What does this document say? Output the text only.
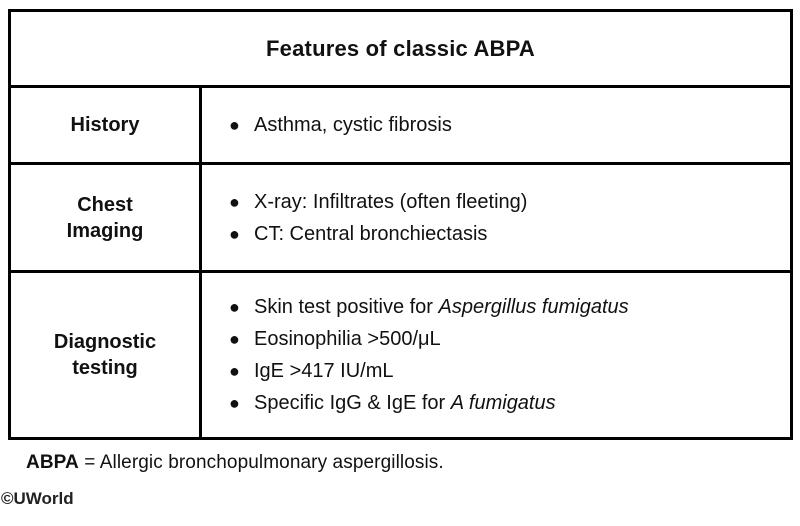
Features of classic ABPA
History	● Asthma, cystic fibrosis
Chest
Imaging
● X-ray: Infiltrates (often fleeting)
● CT: Central bronchiectasis
Diagnostic
testing
● Skin test positive for Aspergillus fumigatus
● Eosinophilia >500/μL
● IgE >417 IU/mL
● Specific IgG & IgE for A fumigatus
ABPA = Allergic bronchopulmonary aspergillosis.
©UWorld
